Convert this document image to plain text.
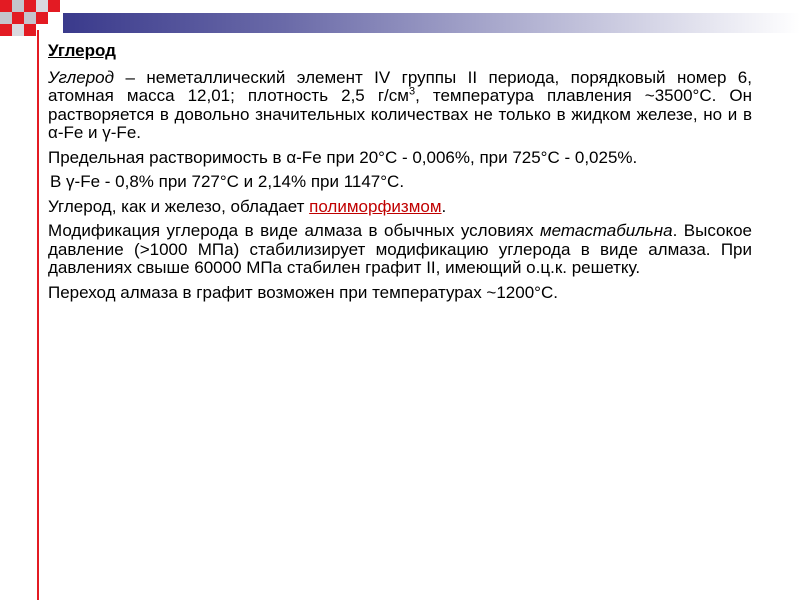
Углерод

Углерод – неметаллический элемент IV группы II периода, порядковый номер 6, атомная масса 12,01; плотность 2,5 $г/см^3$, температура плавления ~3500°С. Он растворяется в довольно значительных количествах не только в жидком железе, но и в α-Fe и γ-Fe.

Предельная растворимость в α-Fe при 20°С - 0,006%, при 725°С - 0,025%.

В γ-Fe - 0,8% при 727°С и 2,14% при 1147°С.

Углерод, как и железо, обладает полиморфизмом.

Модификация углерода в виде алмаза в обычных условиях метастабильна. Высокое давление (>1000 МПа) стабилизирует модификацию углерода в виде алмаза. При давлениях свыше 60000 МПа стабилен графит II, имеющий о.ц.к. решетку.

Переход алмаза в графит возможен при температурах ~1200°С.
